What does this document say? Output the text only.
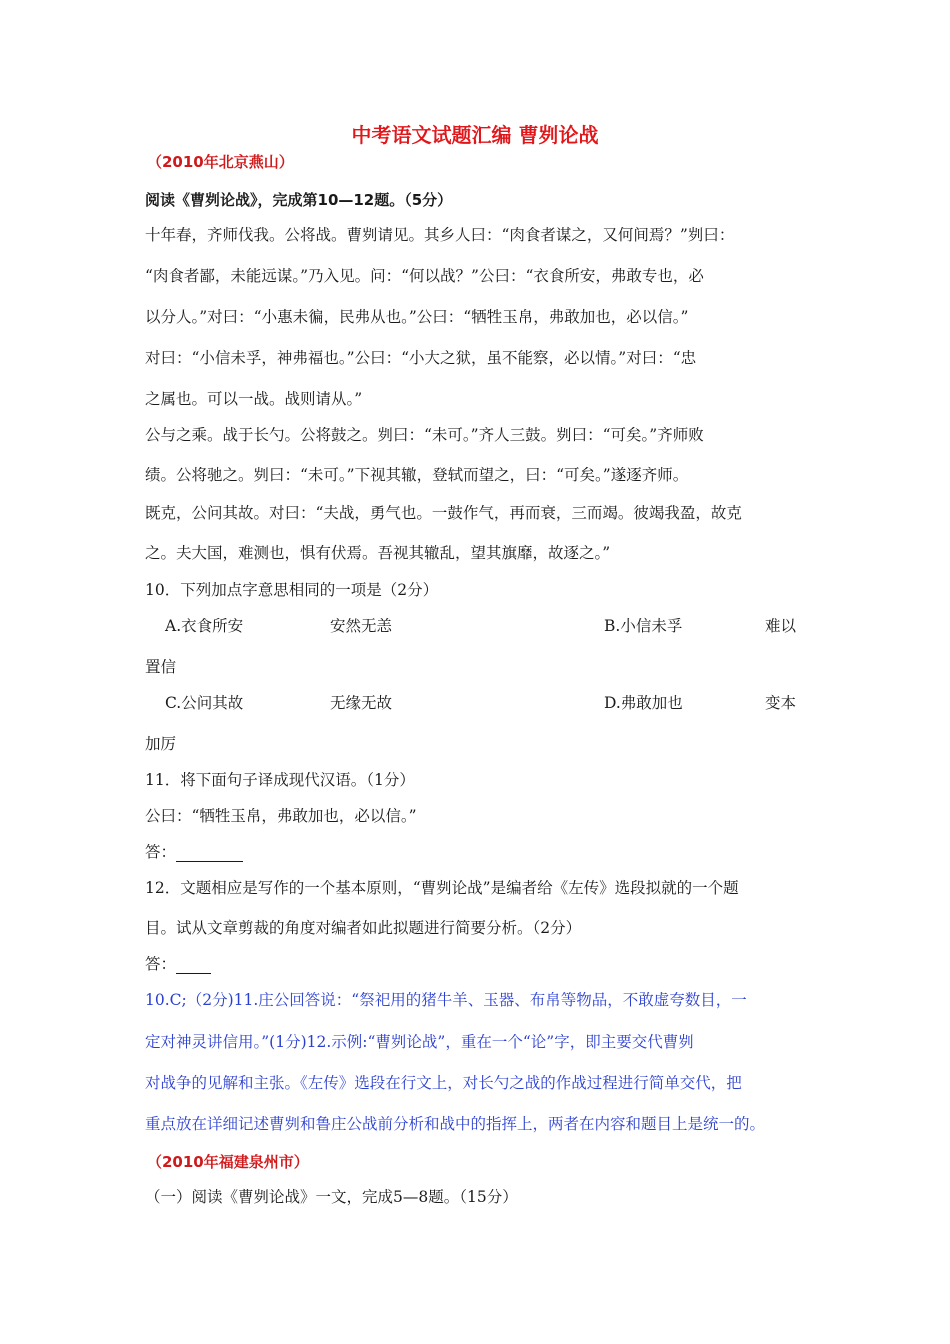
中考语文试题汇编 曹刿论战
（2010年北京燕山）
阅读《曹刿论战》，完成第10—12题。（5分）
十年春，齐师伐我。公将战。曹刿请见。其乡人曰：“肉食者谋之，又何间焉？”刿曰：
“肉食者鄙，未能远谋。”乃入见。问：“何以战？”公曰：“衣食所安，弗敢专也，必
以分人。”对曰：“小惠未徧，民弗从也。”公曰：“牺牲玉帛，弗敢加也，必以信。”
对曰：“小信未孚，神弗福也。”公曰：“小大之狱，虽不能察，必以情。”对曰：“忠
之属也。可以一战。战则请从。”
公与之乘。战于长勺。公将鼓之。刿曰：“未可。”齐人三鼓。刿曰：“可矣。”齐师败
绩。公将驰之。刿曰：“未可。”下视其辙，登轼而望之，曰：“可矣。”遂逐齐师。
既克，公问其故。对曰：“夫战，勇气也。一鼓作气，再而衰，三而竭。彼竭我盈，故克
之。夫大国，难测也，惧有伏焉。吾视其辙乱，望其旗靡，故逐之。”
10．下列加点字意思相同的一项是（2分）
A.衣食所安	安然无恙	B.小信未孚	难以
置信
C.公问其故	无缘无故	D.弗敢加也	变本
加厉
11．将下面句子译成现代汉语。（1分）
公曰：“牺牲玉帛，弗敢加也，必以信。”
答：
12．文题相应是写作的一个基本原则，“曹刿论战”是编者给《左传》选段拟就的一个题
目。试从文章剪裁的角度对编者如此拟题进行简要分析。（2分）
答：
10.C;（2分)11.庄公回答说：“祭祀用的猪牛羊、玉器、布帛等物品，不敢虚夸数目，一
定对神灵讲信用。”(1分)12.示例:“曹刿论战”，重在一个“论”字，即主要交代曹刿
对战争的见解和主张。《左传》选段在行文上，对长勺之战的作战过程进行简单交代，把
重点放在详细记述曹刿和鲁庄公战前分析和战中的指挥上，两者在内容和题目上是统一的。
（2010年福建泉州市）
（一）阅读《曹刿论战》一文，完成5—8题。（15分）
